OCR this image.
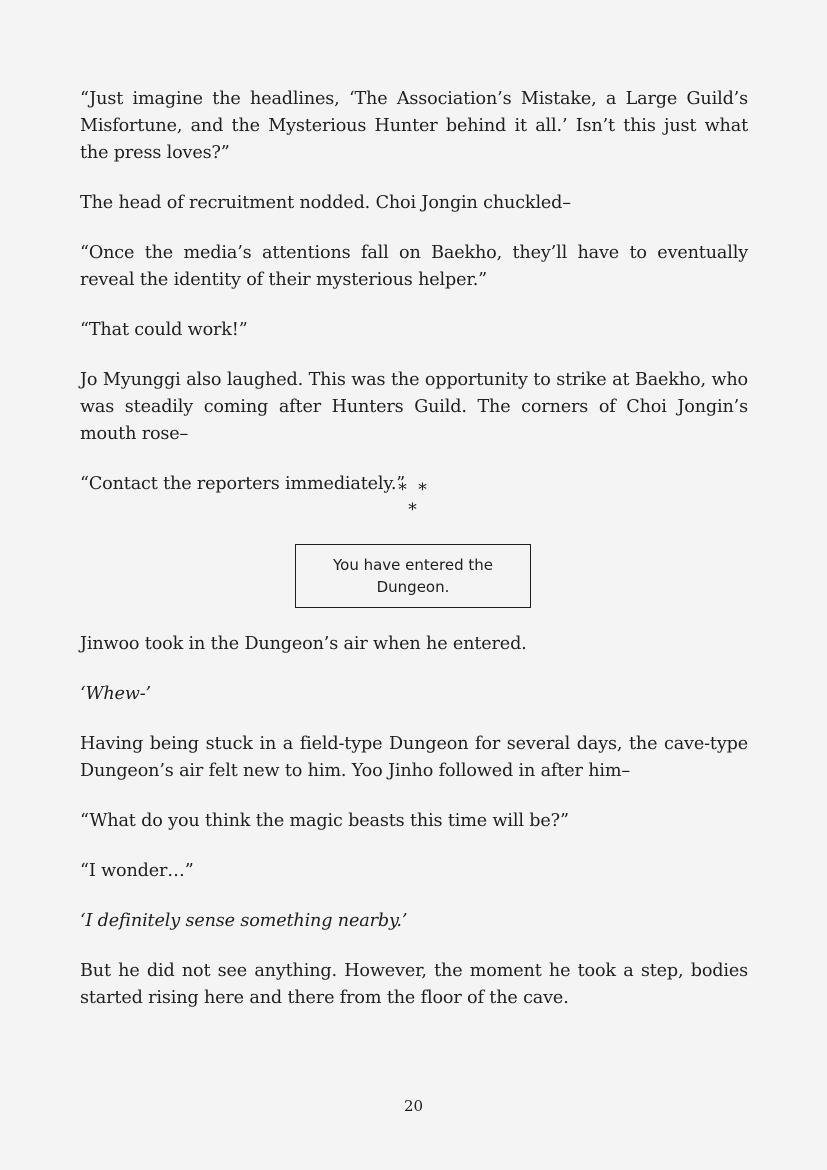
“Just imagine the headlines, ‘The Association’s Mistake, a Large Guild’s Misfortune, and the Mysterious Hunter behind it all.’ Isn’t this just what the press loves?”

The head of recruitment nodded. Choi Jongin chuckled–

“Once the media’s attentions fall on Baekho, they’ll have to eventually reveal the identity of their mysterious helper.”

“That could work!”

Jo Myunggi also laughed. This was the opportunity to strike at Baekho, who was steadily coming after Hunters Guild. The corners of Choi Jongin’s mouth rose–

“Contact the reporters immediately.”

* * *
You have entered the Dungeon.

Jinwoo took in the Dungeon’s air when he entered.

‘Whew-’

Having being stuck in a field-type Dungeon for several days, the cave-type Dungeon’s air felt new to him. Yoo Jinho followed in after him–

“What do you think the magic beasts this time will be?”

“I wonder…”

‘I definitely sense something nearby.’

But he did not see anything. However, the moment he took a step, bodies started rising here and there from the floor of the cave.

20
